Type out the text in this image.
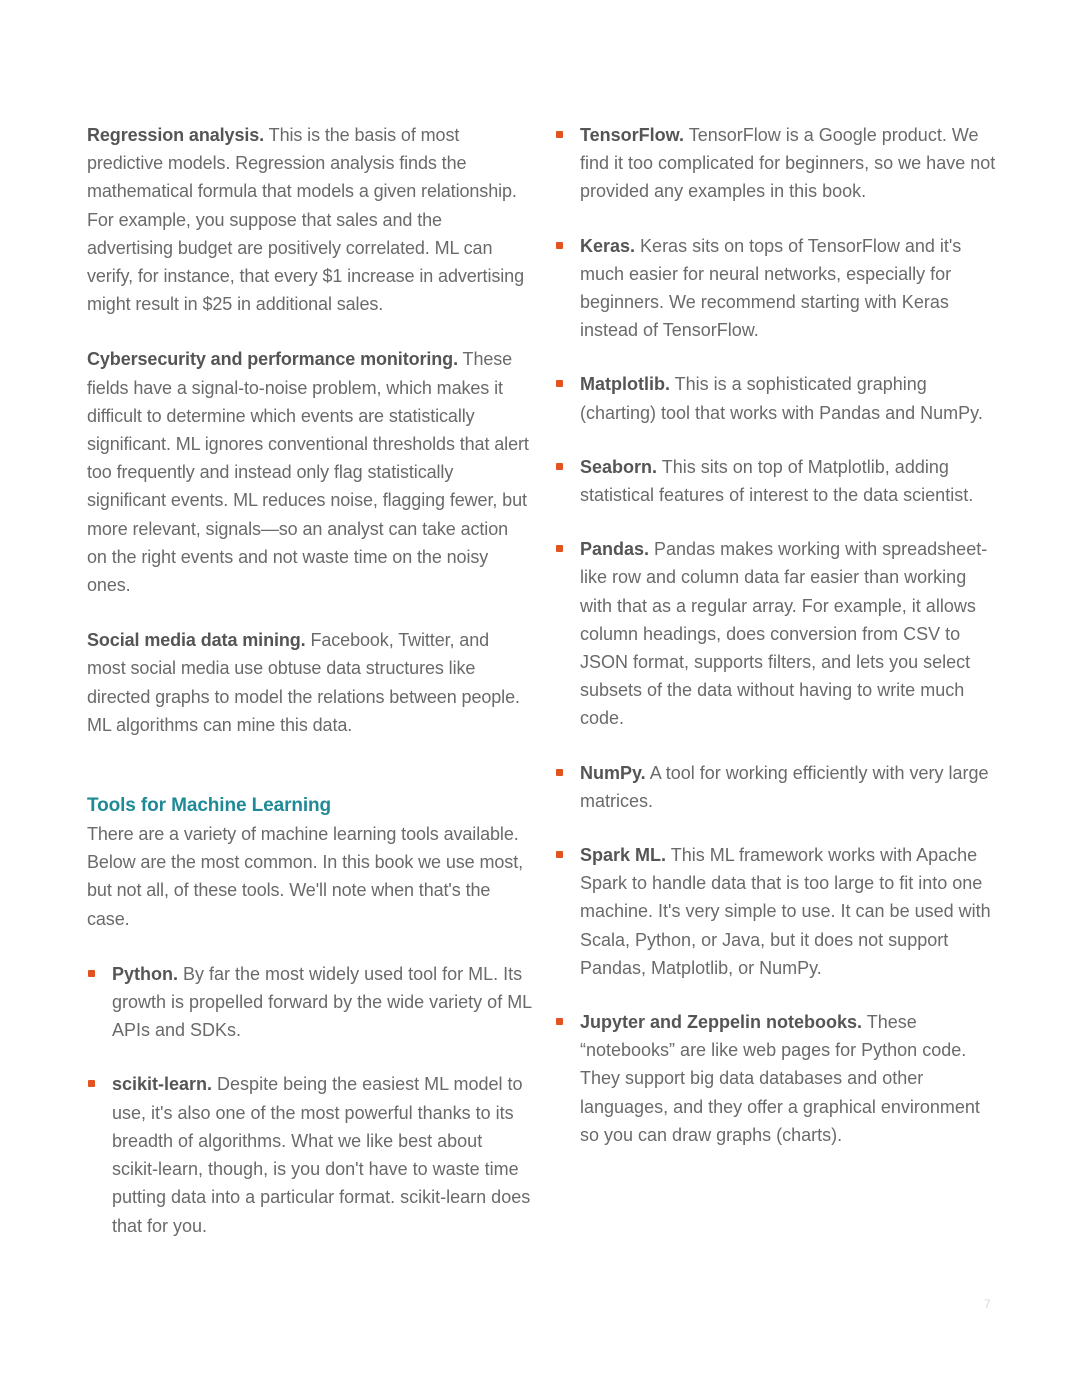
Regression analysis. This is the basis of most predictive models. Regression analysis finds the mathematical formula that models a given relationship. For example, you suppose that sales and the advertising budget are positively correlated. ML can verify, for instance, that every $1 increase in advertising might result in $25 in additional sales.

Cybersecurity and performance monitoring. These fields have a signal-to-noise problem, which makes it difficult to determine which events are statistically significant. ML ignores conventional thresholds that alert too frequently and instead only flag statistically significant events. ML reduces noise, flagging fewer, but more relevant, signals—so an analyst can take action on the right events and not waste time on the noisy ones.

Social media data mining. Facebook, Twitter, and most social media use obtuse data structures like directed graphs to model the relations between people. ML algorithms can mine this data.

Tools for Machine Learning

There are a variety of machine learning tools available. Below are the most common. In this book we use most, but not all, of these tools. We'll note when that's the case.

Python. By far the most widely used tool for ML. Its growth is propelled forward by the wide variety of ML APIs and SDKs.
scikit-learn. Despite being the easiest ML model to use, it's also one of the most powerful thanks to its breadth of algorithms. What we like best about scikit-learn, though, is you don't have to waste time putting data into a particular format. scikit-learn does that for you.
TensorFlow. TensorFlow is a Google product. We find it too complicated for beginners, so we have not provided any examples in this book.
Keras. Keras sits on tops of TensorFlow and it's much easier for neural networks, especially for beginners. We recommend starting with Keras instead of TensorFlow.
Matplotlib. This is a sophisticated graphing (charting) tool that works with Pandas and NumPy.
Seaborn. This sits on top of Matplotlib, adding statistical features of interest to the data scientist.
Pandas. Pandas makes working with spreadsheet-like row and column data far easier than working with that as a regular array. For example, it allows column headings, does conversion from CSV to JSON format, supports filters, and lets you select subsets of the data without having to write much code.
NumPy. A tool for working efficiently with very large matrices.
Spark ML. This ML framework works with Apache Spark to handle data that is too large to fit into one machine. It's very simple to use. It can be used with Scala, Python, or Java, but it does not support Pandas, Matplotlib, or NumPy.
Jupyter and Zeppelin notebooks. These “notebooks” are like web pages for Python code. They support big data databases and other languages, and they offer a graphical environment so you can draw graphs (charts).
7
